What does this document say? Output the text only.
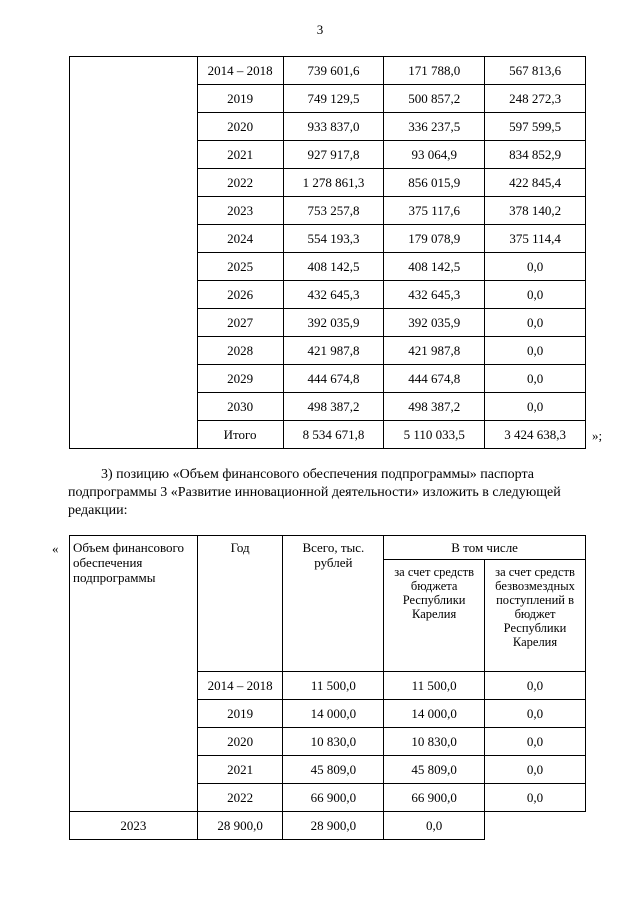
3
	2014 – 2018	739 601,6	171 788,0	567 813,6
	2019	749 129,5	500 857,2	248 272,3
	2020	933 837,0	336 237,5	597 599,5
	2021	927 917,8	93 064,9	834 852,9
	2022	1 278 861,3	856 015,9	422 845,4
	2023	753 257,8	375 117,6	378 140,2
	2024	554 193,3	179 078,9	375 114,4
	2025	408 142,5	408 142,5	0,0
	2026	432 645,3	432 645,3	0,0
	2027	392 035,9	392 035,9	0,0
	2028	421 987,8	421 987,8	0,0
	2029	444 674,8	444 674,8	0,0
	2030	498 387,2	498 387,2	0,0
	Итого	8 534 671,8	5 110 033,5	3 424 638,3 »;
3) позицию «Объем финансового обеспечения подпрограммы» паспорта
подпрограммы 3 «Развитие инновационной деятельности» изложить в следующей
редакции:
« Объем финансового обеспечения подпрограммы	Год	Всего, тыс. рублей	В том числе	
			за счет средств бюджета Республики Карелия	за счет средств безвозмездных поступлений в бюджет Республики Карелия
	2014 – 2018	11 500,0	11 500,0	0,0
	2019	14 000,0	14 000,0	0,0
	2020	10 830,0	10 830,0	0,0
	2021	45 809,0	45 809,0	0,0
	2022	66 900,0	66 900,0	0,0
2023	28 900,0	28 900,0	0,0	
